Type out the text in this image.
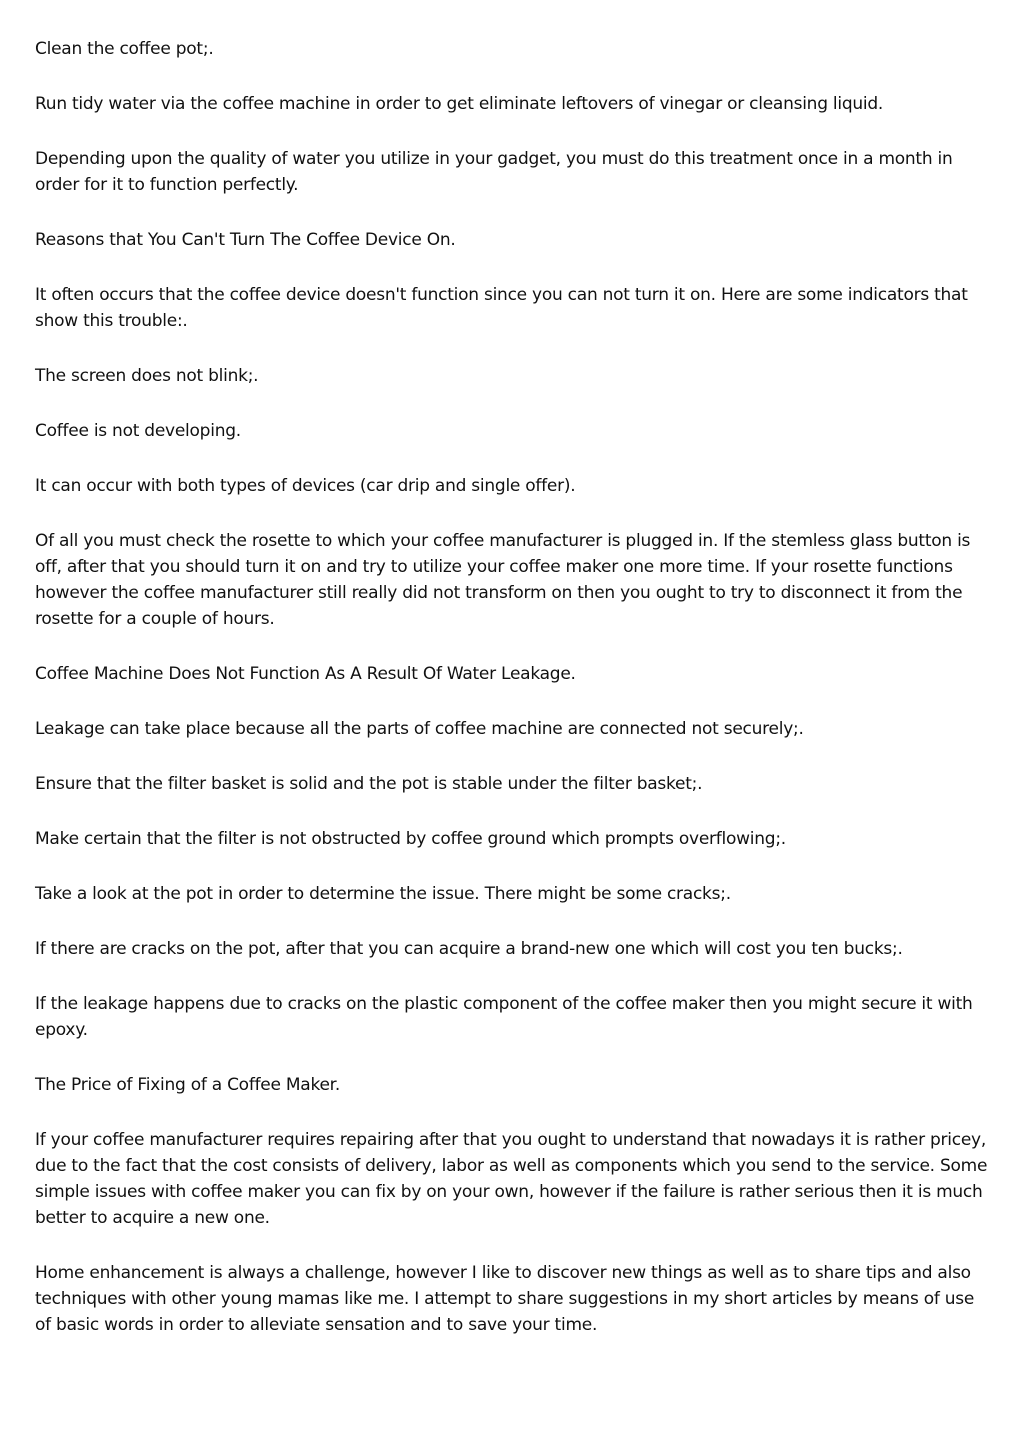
Clean the coffee pot;.

Run tidy water via the coffee machine in order to get eliminate leftovers of vinegar or cleansing liquid.

Depending upon the quality of water you utilize in your gadget, you must do this treatment once in a month in order for it to function perfectly.

Reasons that You Can't Turn The Coffee Device On.

It often occurs that the coffee device doesn't function since you can not turn it on. Here are some indicators that show this trouble:.

The screen does not blink;.

Coffee is not developing.

It can occur with both types of devices (car drip and single offer).

Of all you must check the rosette to which your coffee manufacturer is plugged in. If the stemless glass button is off, after that you should turn it on and try to utilize your coffee maker one more time. If your rosette functions however the coffee manufacturer still really did not transform on then you ought to try to disconnect it from the rosette for a couple of hours.

Coffee Machine Does Not Function As A Result Of Water Leakage.

Leakage can take place because all the parts of coffee machine are connected not securely;.

Ensure that the filter basket is solid and the pot is stable under the filter basket;.

Make certain that the filter is not obstructed by coffee ground which prompts overflowing;.

Take a look at the pot in order to determine the issue. There might be some cracks;.

If there are cracks on the pot, after that you can acquire a brand-new one which will cost you ten bucks;.

If the leakage happens due to cracks on the plastic component of the coffee maker then you might secure it with epoxy.

The Price of Fixing of a Coffee Maker.

If your coffee manufacturer requires repairing after that you ought to understand that nowadays it is rather pricey, due to the fact that the cost consists of delivery, labor as well as components which you send to the service. Some simple issues with coffee maker you can fix by on your own, however if the failure is rather serious then it is much better to acquire a new one.

Home enhancement is always a challenge, however I like to discover new things as well as to share tips and also techniques with other young mamas like me. I attempt to share suggestions in my short articles by means of use of basic words in order to alleviate sensation and to save your time.
